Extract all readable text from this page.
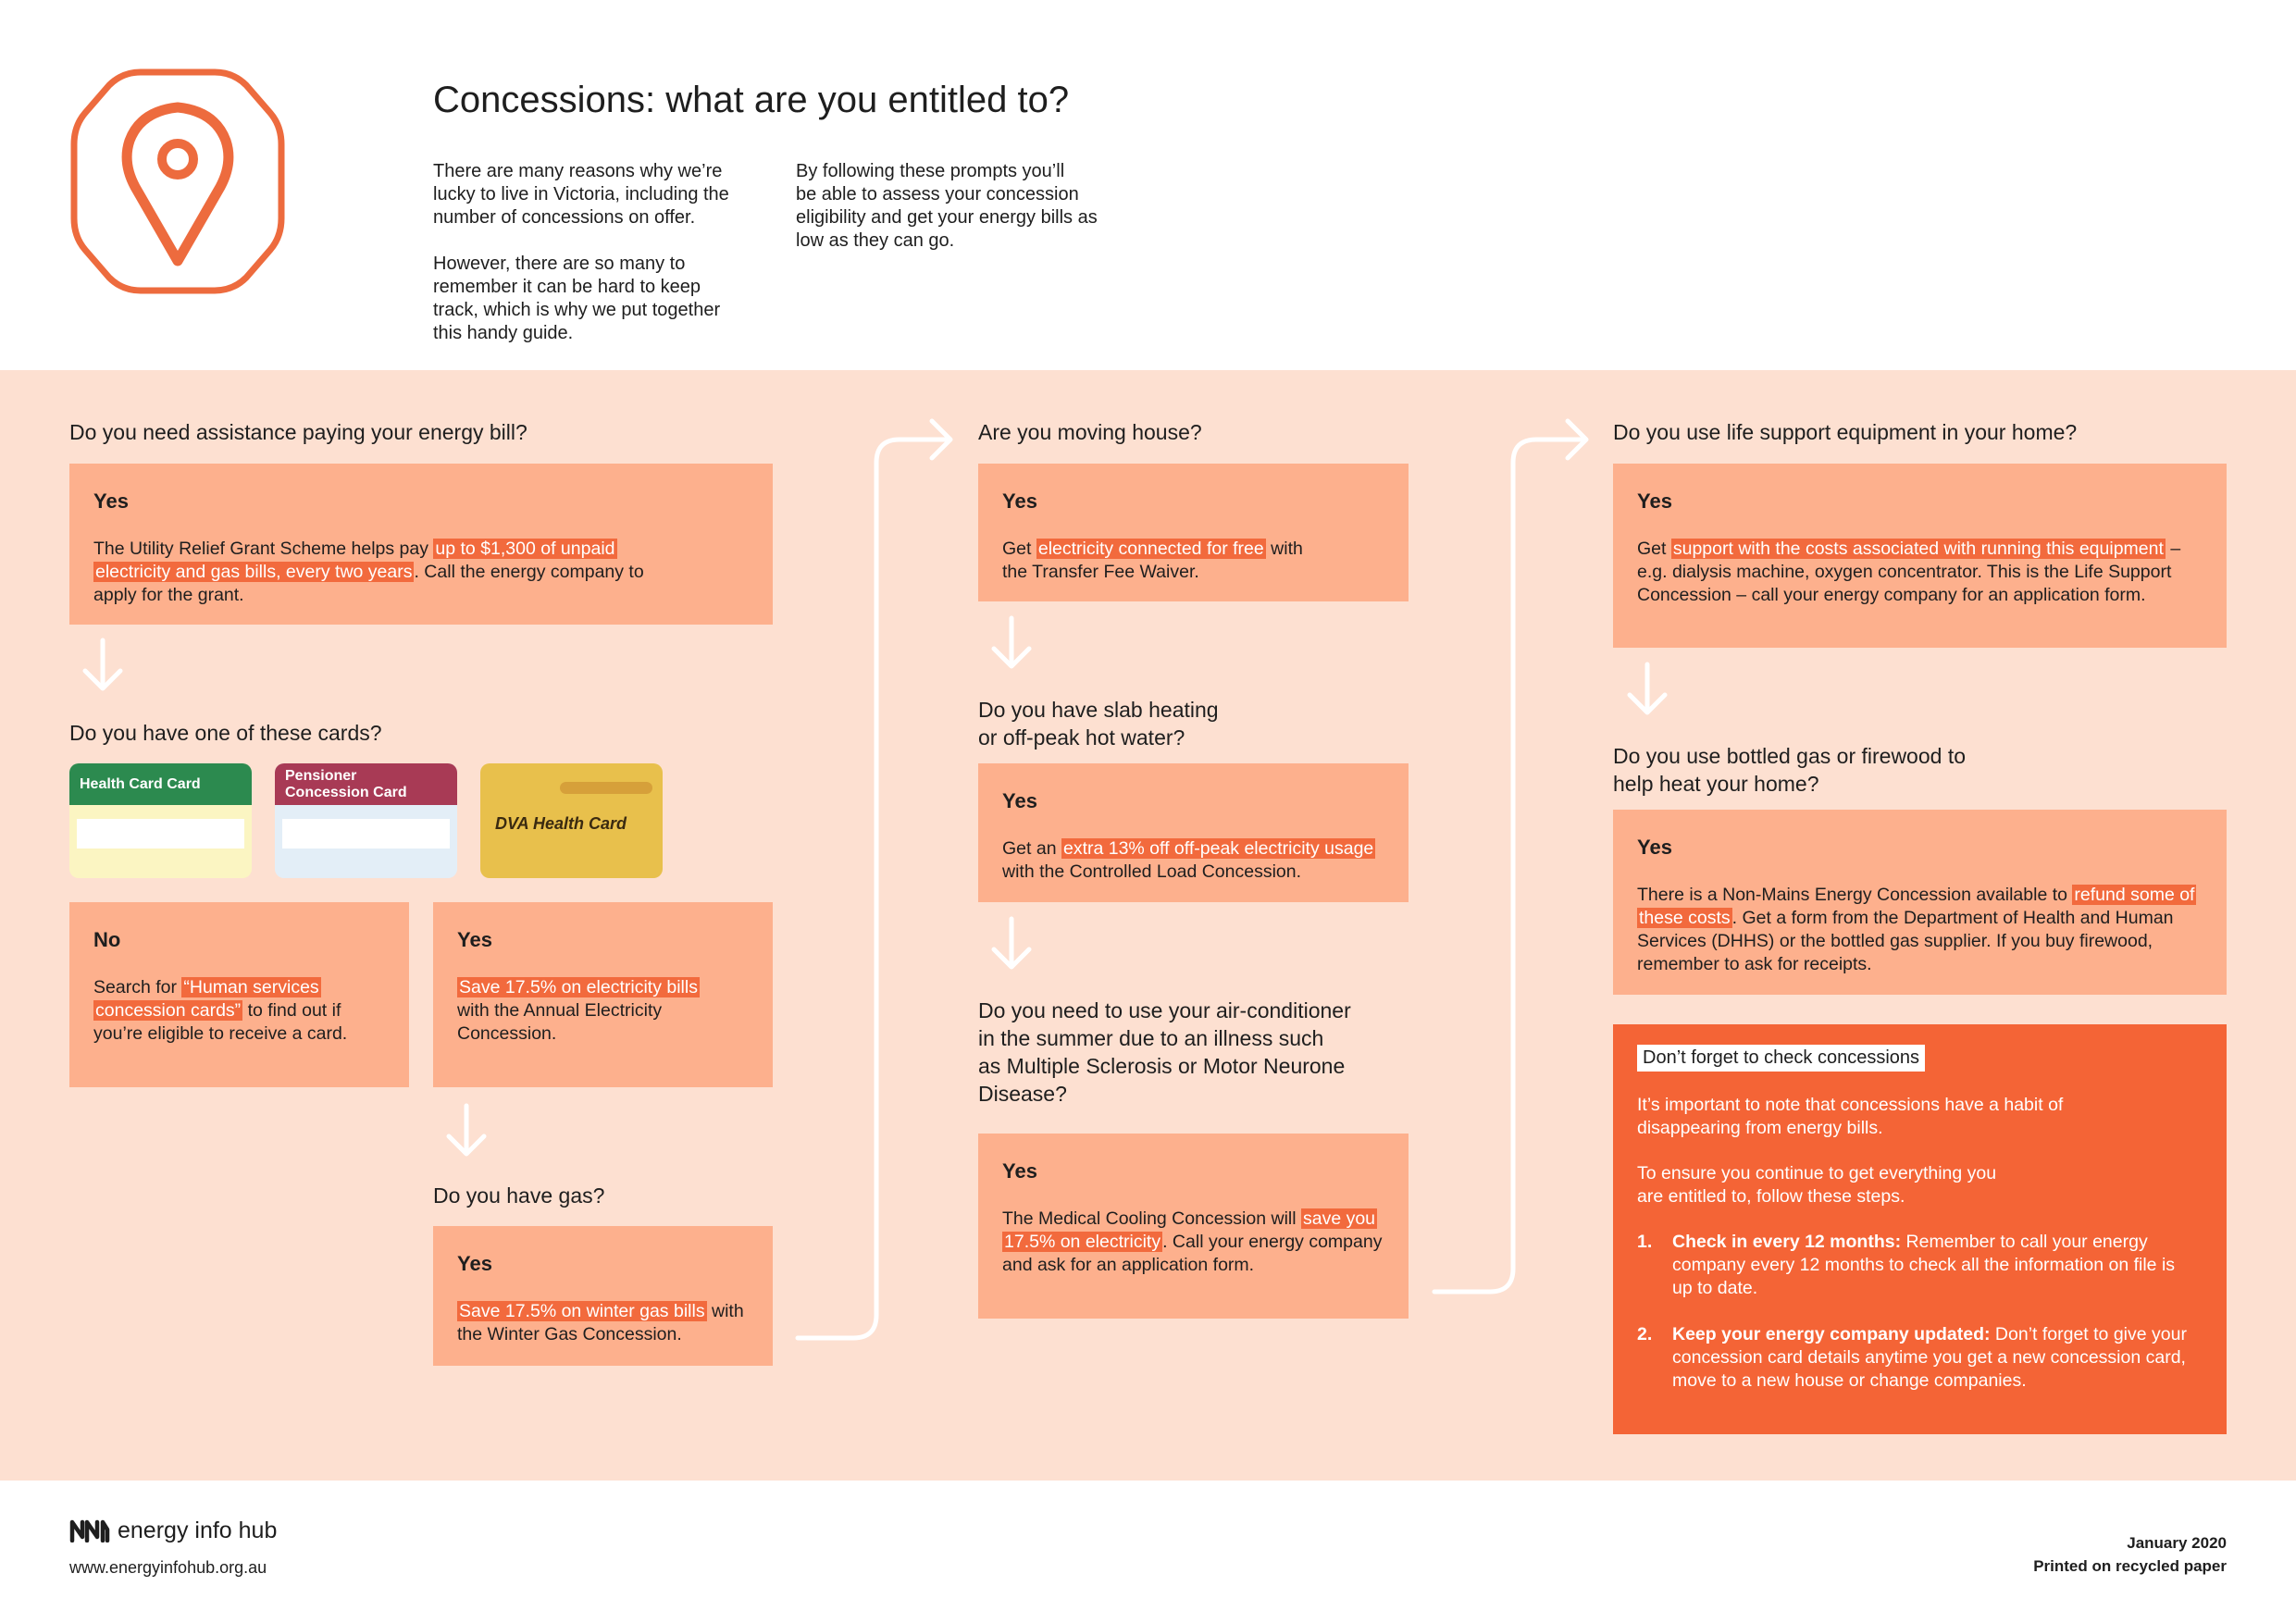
Concessions: what are you entitled to?
There are many reasons why we’re
lucky to live in Victoria, including the
number of concessions on offer.
However, there are so many to
remember it can be hard to keep
track, which is why we put together
this handy guide.
By following these prompts you’ll
be able to assess your concession
eligibility and get your energy bills as
low as they can go.
Do you need assistance paying your energy bill?
Yes
The Utility Relief Grant Scheme helps pay up to $1,300 of unpaid electricity and gas bills, every two years . Call the energy company to apply for the grant.
Do you have one of these cards?
Health Card Card
Pensioner
Concession Card
DVA Health Card
No
Search for “Human services concession cards” to find out if you’re eligible to receive a card.
Yes
Save 17.5% on electricity bills with the Annual Electricity Concession.
Do you have gas?
Yes
Save 17.5% on winter gas bills with the Winter Gas Concession.
Are you moving house?
Yes
Get electricity connected for free with the Transfer Fee Waiver.
Do you have slab heating
or off-peak hot water?
Yes
Get an extra 13% off off-peak electricity usage with the Controlled Load Concession.
Do you need to use your air-conditioner
in the summer due to an illness such
as Multiple Sclerosis or Motor Neurone
Disease?
Yes
The Medical Cooling Concession will save you 17.5% on electricity . Call your energy company and ask for an application form.
Do you use life support equipment in your home?
Yes
Get support with the costs associated with running this equipment – e.g. dialysis machine, oxygen concentrator. This is the Life Support Concession – call your energy company for an application form.
Do you use bottled gas or firewood to
help heat your home?
Yes
There is a Non-Mains Energy Concession available to refund some of these costs . Get a form from the Department of Health and Human Services (DHHS) or the bottled gas supplier. If you buy firewood, remember to ask for receipts.
Don’t forget to check concessions
It’s important to note that concessions have a habit of
disappearing from energy bills.
To ensure you continue to get everything you
are entitled to, follow these steps.
1. Check in every 12 months: Remember to call your energy company every 12 months to check all the information on file is up to date.
2. Keep your energy company updated: Don’t forget to give your concession card details anytime you get a new concession card, move to a new house or change companies.
energy info hub
www.energyinfohub.org.au
January 2020
Printed on recycled paper
